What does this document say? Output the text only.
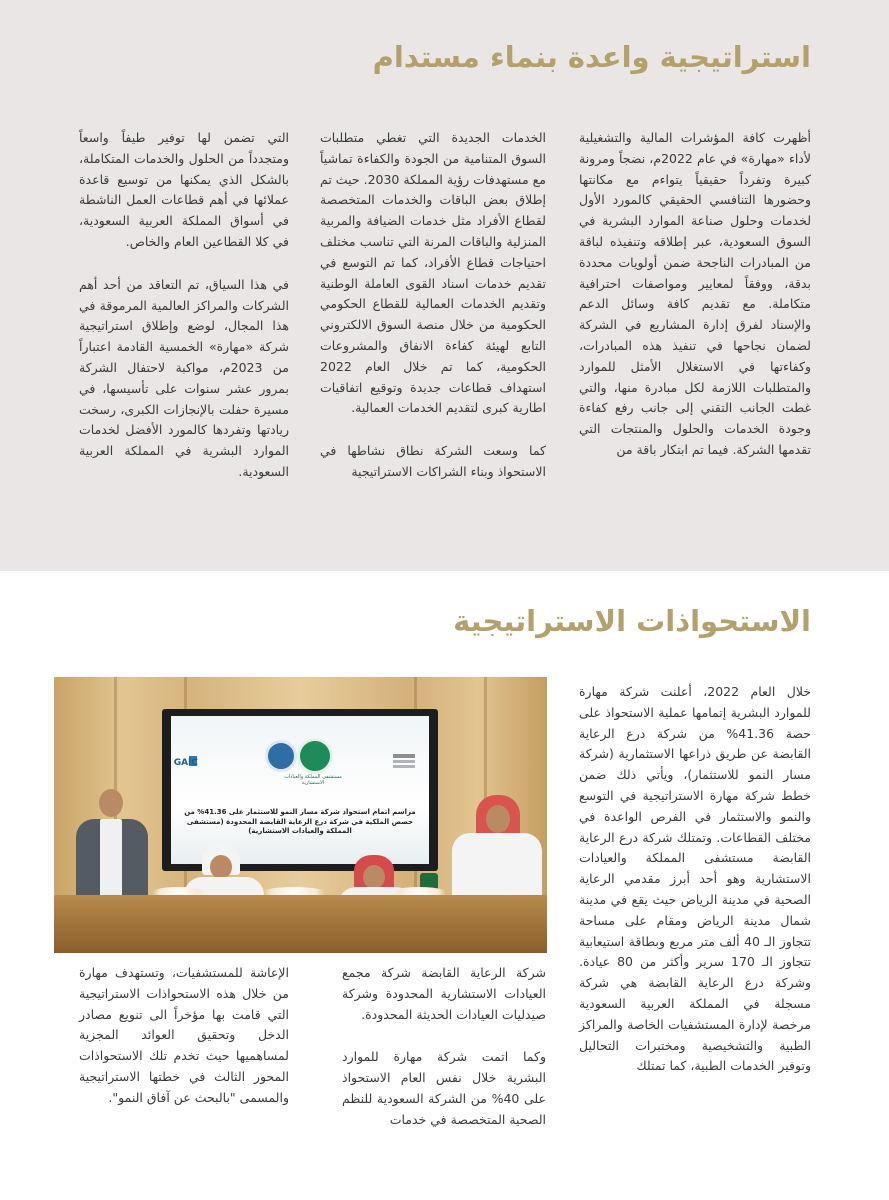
استراتيجية واعدة بنماء مستدام

أظهرت كافة المؤشرات المالية والتشغيلية لأداء «مهارة» في عام 2022م، نضجاً ومرونة كبيرة وتفرداً حقيقياً يتواءم مع مكانتها وحضورها التنافسي الحقيقي كالمورد الأول لخدمات وحلول صناعة الموارد البشرية في السوق السعودية، عبر إطلاقه وتنفيذه لباقة من المبادرات الناجحة ضمن أولويات محددة بدقة، ووفقاً لمعايير ومواصفات احترافية متكاملة. مع تقديم كافة وسائل الدعم والإسناد لفرق إدارة المشاريع في الشركة لضمان نجاحها في تنفيذ هذه المبادرات، وكفاءتها في الاستغلال الأمثل للموارد والمتطلبات اللازمة لكل مبادرة منها، والتي غطت الجانب التقني إلى جانب رفع كفاءة وجودة الخدمات والحلول والمنتجات التي تقدمها الشركة. فيما تم ابتكار باقة من

الخدمات الجديدة التي تغطي متطلبات السوق المتنامية من الجودة والكفاءة تماشياً مع مستهدفات رؤية المملكة 2030. حيث تم إطلاق بعض الباقات والخدمات المتخصصة لقطاع الأفراد مثل خدمات الضيافة والمربية المنزلية والباقات المرنة التي تناسب مختلف احتياجات قطاع الأفراد، كما تم التوسع في تقديم خدمات اسناد القوى العاملة الوطنية وتقديم الخدمات العمالية للقطاع الحكومي الحكومية من خلال منصة السوق الالكتروني التابع لهيئة كفاءة الانفاق والمشروعات الحكومية، كما تم خلال العام 2022 استهداف قطاعات جديدة وتوقيع اتفاقيات اطارية كبرى لتقديم الخدمات العمالية.

كما وسعت الشركة نطاق نشاطها في الاستحواذ وبناء الشراكات الاستراتيجية

التي تضمن لها توفير طيفاً واسعاً ومتجدداً من الحلول والخدمات المتكاملة، بالشكل الذي يمكنها من توسيع قاعدة عملائها في أهم قطاعات العمل الناشطة في أسواق المملكة العربية السعودية، في كلا القطاعين العام والخاص.

في هذا السياق، تم التعاقد من أحد أهم الشركات والمراكز العالمية المرموقة في هذا المجال، لوضع وإطلاق استراتيجية شركة «مهارة» الخمسية القادمة اعتباراً من 2023م، مواكبة لاحتفال الشركة بمرور عشر سنوات على تأسيسها، في مسيرة حفلت بالإنجازات الكبرى، رسخت ريادتها وتفردها كالمورد الأفضل لخدمات الموارد البشرية في المملكة العربية السعودية.

الاستحواذات الاستراتيجية

خلال العام 2022، أعلنت شركة مهارة للموارد البشرية إتمامها عملية الاستحواذ على حصة 41.36% من شركة درع الرعاية القابضة عن طريق ذراعها الاستثمارية (شركة مسار النمو للاستثمار)، ويأتي ذلك ضمن خطط شركة مهارة الاستراتيجية في التوسع والنمو والاستثمار في الفرص الواعدة في مختلف القطاعات. وتمتلك شركة درع الرعاية القابضة مستشفى المملكة والعيادات الاستشارية وهو أحد أبرز مقدمي الرعاية الصحية في مدينة الرياض حيث يقع في مدينة شمال مدينة الرياض ومقام على مساحة تتجاوز الـ 40 ألف متر مربع وبطاقة استيعابية تتجاوز الـ 170 سرير وأكثر من 80 عيادة. وشركة درع الرعاية القابضة هي شركة مسجلة في المملكة العربية السعودية مرخصة لإدارة المستشفيات الخاصة والمراكز الطبية والتشخيصية ومختبرات التحاليل وتوفير الخدمات الطبية، كما تمتلك

GAIC
مستشفى المملكة والعيادات الاستشارية
مراسم اتمام استحواذ شركة مسار النمو للاستثمار على 41.36% من حصص الملكية في شركة درع الرعاية القابضة المحدودة (مستشفى المملكة والعيادات الاستشارية)

شركة الرعاية القابضة شركة مجمع العيادات الاستشارية المحدودة وشركة صيدليات العيادات الحديثة المحدودة.

وكما اتمت شركة مهارة للموارد البشرية خلال نفس العام الاستحواذ على 40% من الشركة السعودية للنظم الصحية المتخصصة في خدمات

الإعاشة للمستشفيات، وتستهدف مهارة من خلال هذه الاستحواذات الاستراتيجية التي قامت بها مؤخراً الى تنويع مصادر الدخل وتحقيق العوائد المجزية لمساهميها حيث تخدم تلك الاستحواذات المحور الثالث في خطتها الاستراتيجية والمسمى "بالبحث عن آفاق النمو".
